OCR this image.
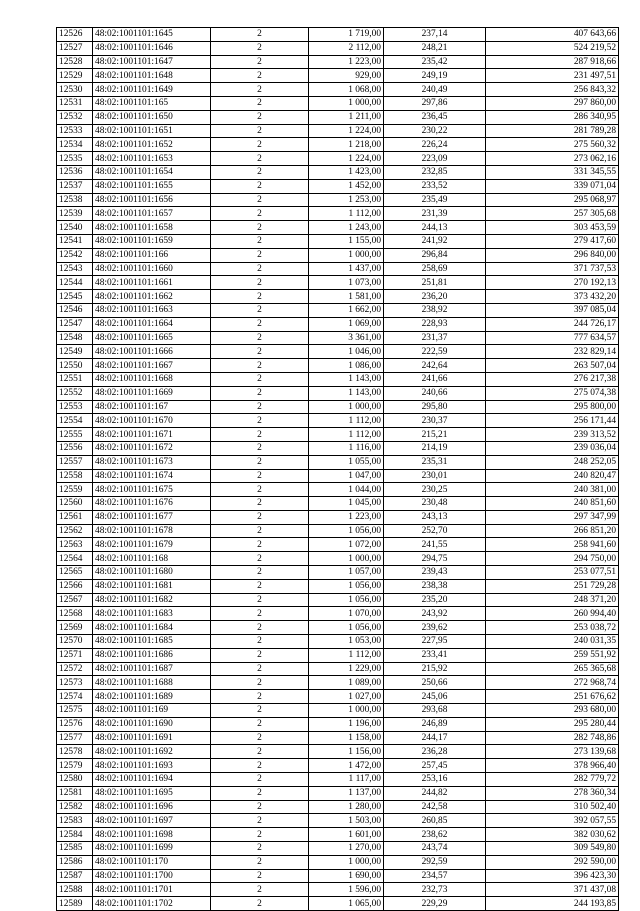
12526	48:02:1001101:1645	2	1 719,00	237,14	407 643,66
12527	48:02:1001101:1646	2	2 112,00	248,21	524 219,52
12528	48:02:1001101:1647	2	1 223,00	235,42	287 918,66
12529	48:02:1001101:1648	2	929,00	249,19	231 497,51
12530	48:02:1001101:1649	2	1 068,00	240,49	256 843,32
12531	48:02:1001101:165	2	1 000,00	297,86	297 860,00
12532	48:02:1001101:1650	2	1 211,00	236,45	286 340,95
12533	48:02:1001101:1651	2	1 224,00	230,22	281 789,28
12534	48:02:1001101:1652	2	1 218,00	226,24	275 560,32
12535	48:02:1001101:1653	2	1 224,00	223,09	273 062,16
12536	48:02:1001101:1654	2	1 423,00	232,85	331 345,55
12537	48:02:1001101:1655	2	1 452,00	233,52	339 071,04
12538	48:02:1001101:1656	2	1 253,00	235,49	295 068,97
12539	48:02:1001101:1657	2	1 112,00	231,39	257 305,68
12540	48:02:1001101:1658	2	1 243,00	244,13	303 453,59
12541	48:02:1001101:1659	2	1 155,00	241,92	279 417,60
12542	48:02:1001101:166	2	1 000,00	296,84	296 840,00
12543	48:02:1001101:1660	2	1 437,00	258,69	371 737,53
12544	48:02:1001101:1661	2	1 073,00	251,81	270 192,13
12545	48:02:1001101:1662	2	1 581,00	236,20	373 432,20
12546	48:02:1001101:1663	2	1 662,00	238,92	397 085,04
12547	48:02:1001101:1664	2	1 069,00	228,93	244 726,17
12548	48:02:1001101:1665	2	3 361,00	231,37	777 634,57
12549	48:02:1001101:1666	2	1 046,00	222,59	232 829,14
12550	48:02:1001101:1667	2	1 086,00	242,64	263 507,04
12551	48:02:1001101:1668	2	1 143,00	241,66	276 217,38
12552	48:02:1001101:1669	2	1 143,00	240,66	275 074,38
12553	48:02:1001101:167	2	1 000,00	295,80	295 800,00
12554	48:02:1001101:1670	2	1 112,00	230,37	256 171,44
12555	48:02:1001101:1671	2	1 112,00	215,21	239 313,52
12556	48:02:1001101:1672	2	1 116,00	214,19	239 036,04
12557	48:02:1001101:1673	2	1 055,00	235,31	248 252,05
12558	48:02:1001101:1674	2	1 047,00	230,01	240 820,47
12559	48:02:1001101:1675	2	1 044,00	230,25	240 381,00
12560	48:02:1001101:1676	2	1 045,00	230,48	240 851,60
12561	48:02:1001101:1677	2	1 223,00	243,13	297 347,99
12562	48:02:1001101:1678	2	1 056,00	252,70	266 851,20
12563	48:02:1001101:1679	2	1 072,00	241,55	258 941,60
12564	48:02:1001101:168	2	1 000,00	294,75	294 750,00
12565	48:02:1001101:1680	2	1 057,00	239,43	253 077,51
12566	48:02:1001101:1681	2	1 056,00	238,38	251 729,28
12567	48:02:1001101:1682	2	1 056,00	235,20	248 371,20
12568	48:02:1001101:1683	2	1 070,00	243,92	260 994,40
12569	48:02:1001101:1684	2	1 056,00	239,62	253 038,72
12570	48:02:1001101:1685	2	1 053,00	227,95	240 031,35
12571	48:02:1001101:1686	2	1 112,00	233,41	259 551,92
12572	48:02:1001101:1687	2	1 229,00	215,92	265 365,68
12573	48:02:1001101:1688	2	1 089,00	250,66	272 968,74
12574	48:02:1001101:1689	2	1 027,00	245,06	251 676,62
12575	48:02:1001101:169	2	1 000,00	293,68	293 680,00
12576	48:02:1001101:1690	2	1 196,00	246,89	295 280,44
12577	48:02:1001101:1691	2	1 158,00	244,17	282 748,86
12578	48:02:1001101:1692	2	1 156,00	236,28	273 139,68
12579	48:02:1001101:1693	2	1 472,00	257,45	378 966,40
12580	48:02:1001101:1694	2	1 117,00	253,16	282 779,72
12581	48:02:1001101:1695	2	1 137,00	244,82	278 360,34
12582	48:02:1001101:1696	2	1 280,00	242,58	310 502,40
12583	48:02:1001101:1697	2	1 503,00	260,85	392 057,55
12584	48:02:1001101:1698	2	1 601,00	238,62	382 030,62
12585	48:02:1001101:1699	2	1 270,00	243,74	309 549,80
12586	48:02:1001101:170	2	1 000,00	292,59	292 590,00
12587	48:02:1001101:1700	2	1 690,00	234,57	396 423,30
12588	48:02:1001101:1701	2	1 596,00	232,73	371 437,08
12589	48:02:1001101:1702	2	1 065,00	229,29	244 193,85
